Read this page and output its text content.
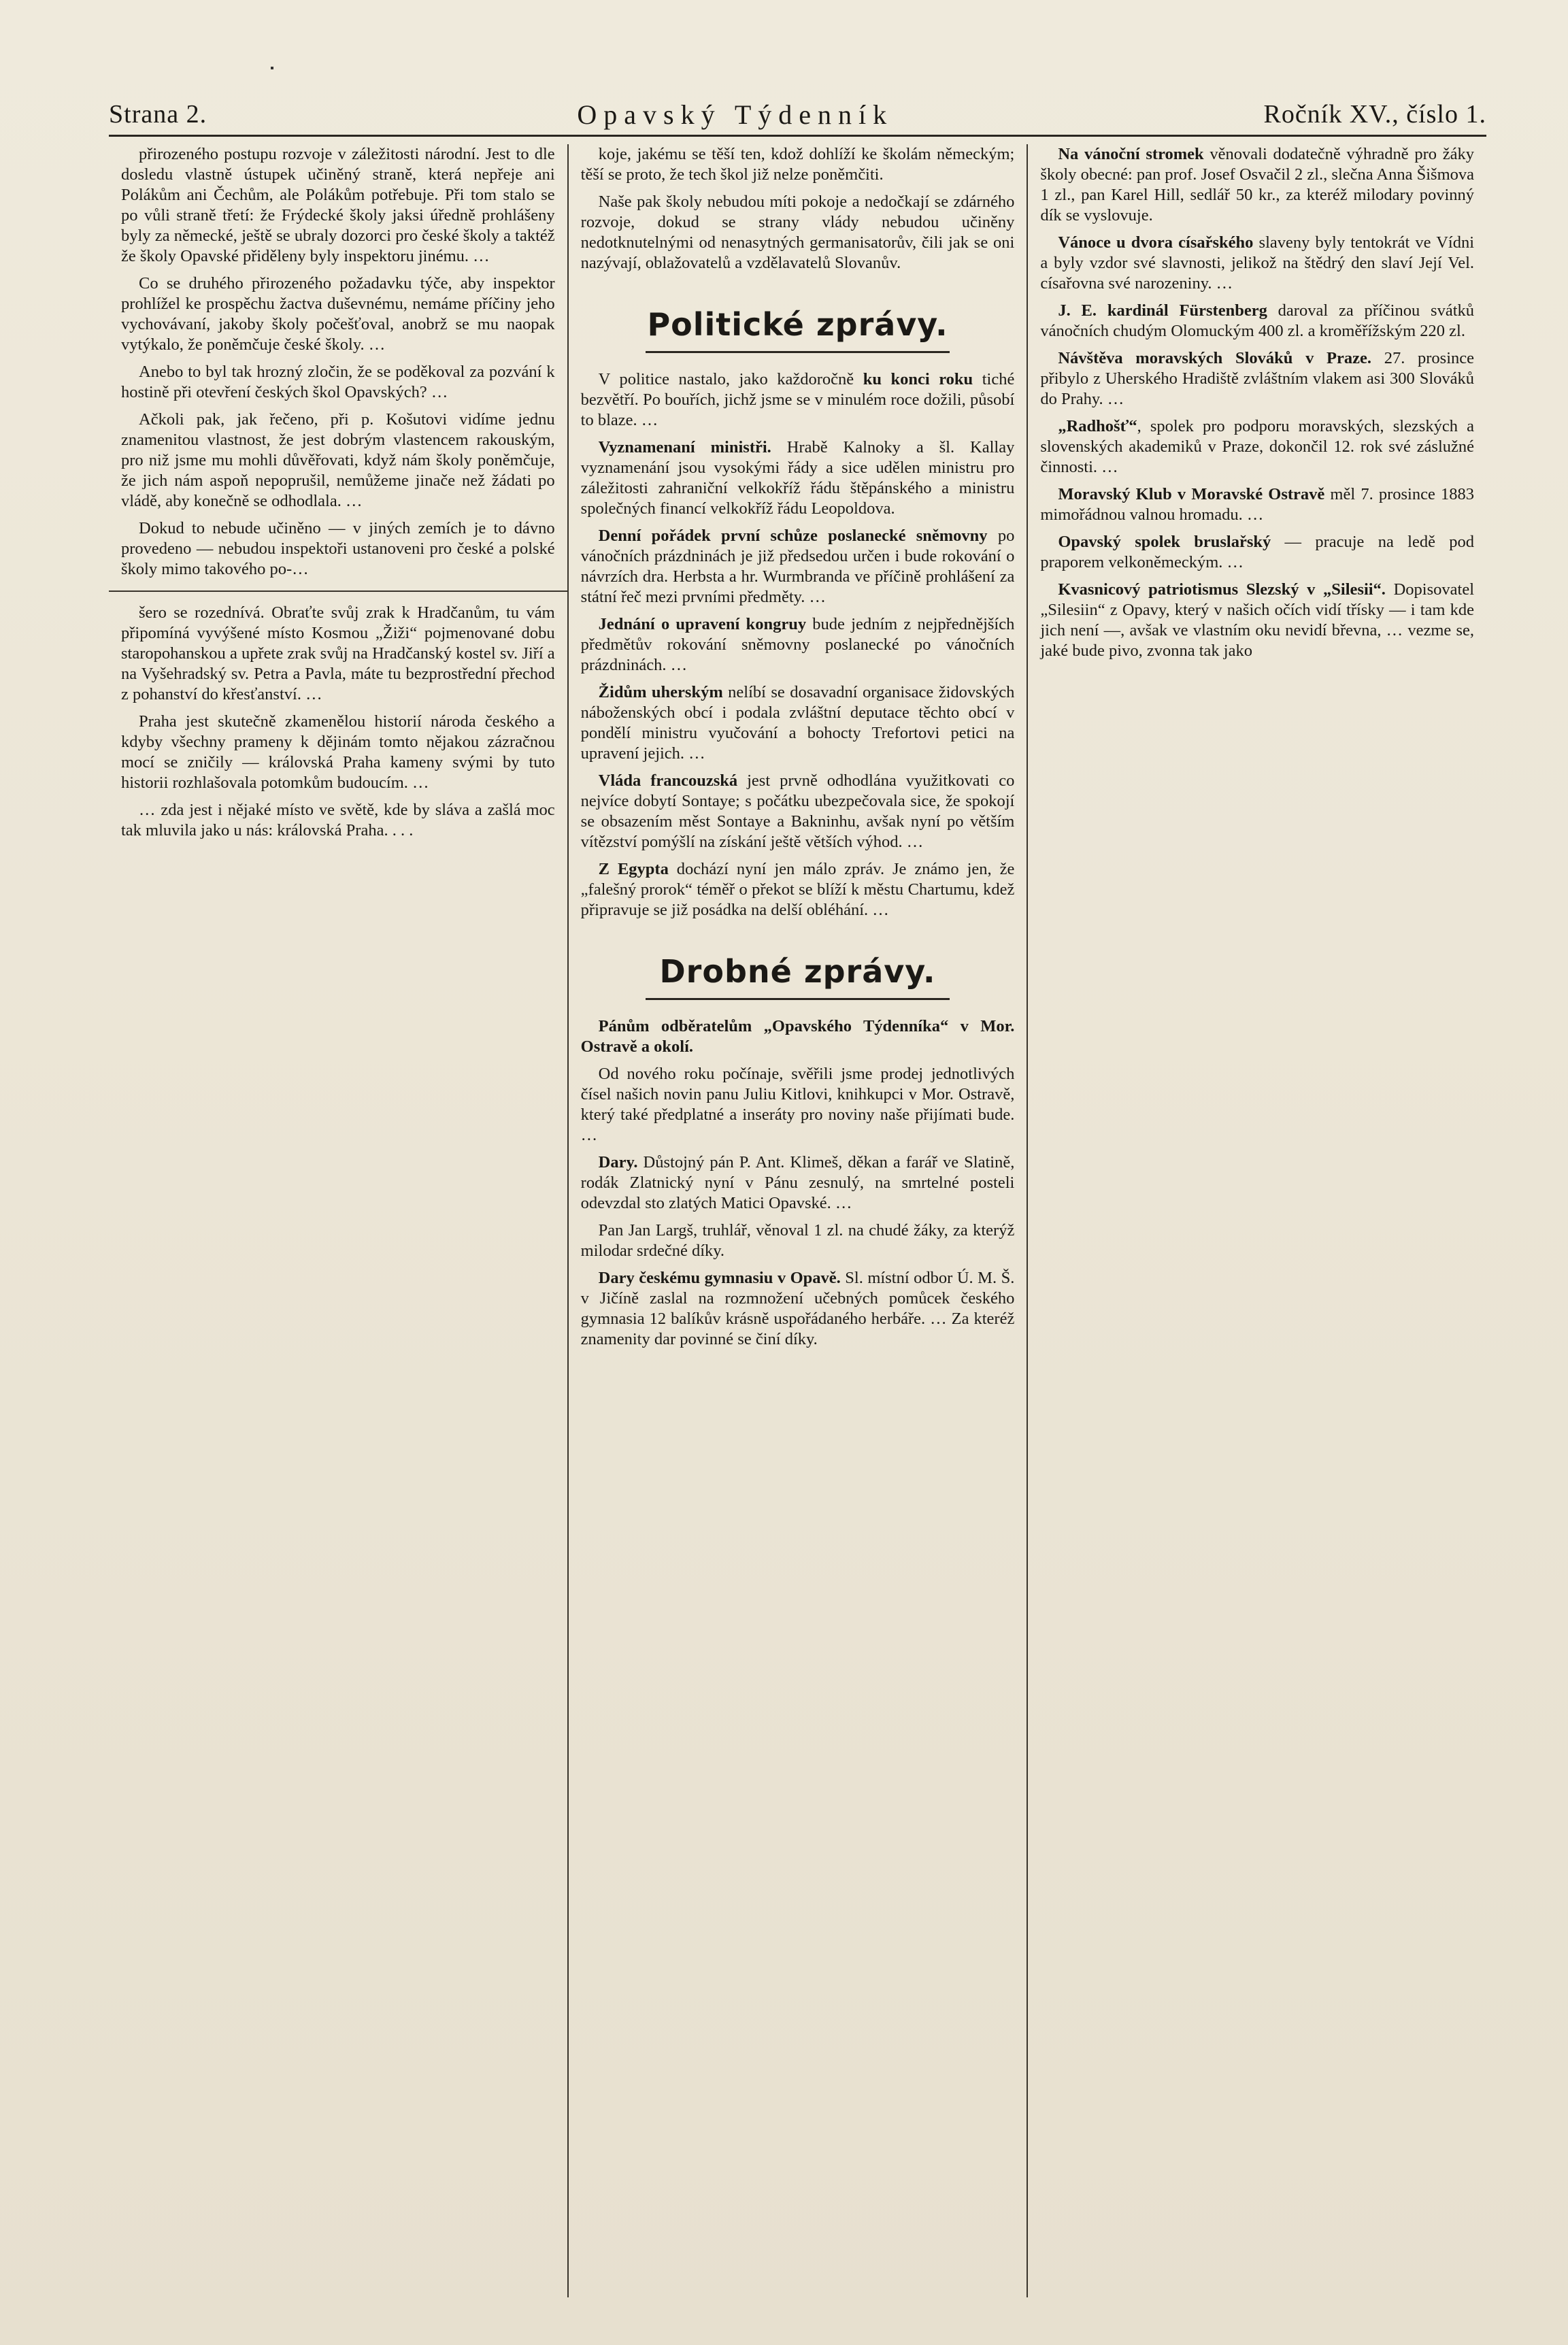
Strana 2.	Opavský Týdenník	Ročník XV., číslo 1.

přirozeného postupu rozvoje v záležitosti národní. Jest to dle dosledu vlastně ústupek učiněný straně, která nepřeje ani Polákům ani Čechům, ale Polákům potřebuje. Při tom stalo se po vůli straně třetí: že Frýdecké školy jaksi úředně prohlášeny byly za německé, ještě se ubraly dozorci pro české školy a taktéž že školy Opavské přiděleny byly inspektoru jinému. …

Co se druhého přirozeného požadavku týče, aby inspektor prohlížel ke prospěchu žactva duševnému, nemáme příčiny jeho vychovávaní, jakoby školy počešťoval, anobrž se mu naopak vytýkalo, že poněmčuje české školy. …

Anebo to byl tak hrozný zločin, že se poděkoval za pozvání k hostině při otevření českých škol Opavských? …

Ačkoli pak, jak řečeno, při p. Košutovi vidíme jednu znamenitou vlastnost, že jest dobrým vlastencem rakouským, pro niž jsme mu mohli důvěřovati, když nám školy poněmčuje, že jich nám aspoň nepoprušil, nemůžeme jinače než žádati po vládě, aby konečně se odhodlala. …

Dokud to nebude učiněno — v jiných zemích je to dávno provedeno — nebudou inspektoři ustanoveni pro české a polské školy mimo takového po-…

šero se rozednívá. Obraťte svůj zrak k Hradčanům, tu vám připomíná vyvýšené místo Kosmou „Žiži“ pojmenované dobu staropohanskou a upřete zrak svůj na Hradčanský kostel sv. Jiří a na Vyšehradský sv. Petra a Pavla, máte tu bezprostřední přechod z pohanství do křesťanství. …

Praha jest skutečně zkamenělou historií národa českého a kdyby všechny prameny k dějinám tomto nějakou zázračnou mocí se zničily — královská Praha kameny svými by tuto historii rozhlašovala potomkům budoucím. …

… zda jest i nějaké místo ve světě, kde by sláva a zašlá moc tak mluvila jako u nás: královská Praha. . . .

koje, jakému se těší ten, kdož dohlíží ke školám německým; těší se proto, že tech škol již nelze poněmčiti.

Naše pak školy nebudou míti pokoje a nedočkají se zdárného rozvoje, dokud se strany vlády nebudou učiněny nedotknutelnými od nenasytných germanisatorův, čili jak se oni nazývají, oblažovatelů a vzdělavatelů Slovanův.

Politické zprávy.

V politice nastalo, jako každoročně ku konci roku tiché bezvětří. Po bouřích, jichž jsme se v minulém roce dožili, působí to blaze. …

Vyznamenaní ministři. Hrabě Kalnoky a šl. Kallay vyznamenání jsou vysokými řády a sice udělen ministru pro záležitosti zahraniční velkokříž řádu štěpánského a ministru společných financí velkokříž řádu Leopoldova.

Denní pořádek první schůze poslanecké sněmovny po vánočních prázdninách je již předsedou určen i bude rokování o návrzích dra. Herbsta a hr. Wurmbranda ve příčině prohlášení za státní řeč mezi prvními předměty. …

Jednání o upravení kongruy bude jedním z nejpřednějších předmětův rokování sněmovny poslanecké po vánočních prázdninách. …

Židům uherským nelíbí se dosavadní organisace židovských náboženských obcí i podala zvláštní deputace těchto obcí v pondělí ministru vyučování a bohocty Trefortovi petici na upravení jejich. …

Vláda francouzská jest prvně odhodlána využitkovati co nejvíce dobytí Sontaye; s počátku ubezpečovala sice, že spokojí se obsazením měst Sontaye a Bakninhu, avšak nyní po větším vítězství pomýšlí na získání ještě větších výhod. …

Z Egypta dochází nyní jen málo zpráv. Je známo jen, že „falešný prorok“ téměř o překot se blíží k městu Chartumu, kdež připravuje se již posádka na delší obléhání. …

Drobné zprávy.

Pánům odběratelům „Opavského Týdenníka“ v Mor. Ostravě a okolí.

Od nového roku počínaje, svěřili jsme prodej jednotlivých čísel našich novin panu Juliu Kitlovi, knihkupci v Mor. Ostravě, který také předplatné a inseráty pro noviny naše přijímati bude. …

Dary. Důstojný pán P. Ant. Klimeš, děkan a farář ve Slatině, rodák Zlatnický nyní v Pánu zesnulý, na smrtelné posteli odevzdal sto zlatých Matici Opavské. …

Pan Jan Largš, truhlář, věnoval 1 zl. na chudé žáky, za kterýž milodar srdečné díky.

Dary českému gymnasiu v Opavě. Sl. místní odbor Ú. M. Š. v Jičíně zaslal na rozmnožení učebných pomůcek českého gymnasia 12 balíkův krásně uspořádaného herbáře. … Za kteréž znamenity dar povinné se činí díky.

Na vánoční stromek věnovali dodatečně výhradně pro žáky školy obecné: pan prof. Josef Osvačil 2 zl., slečna Anna Šišmova 1 zl., pan Karel Hill, sedlář 50 kr., za kteréž milodary povinný dík se vyslovuje.

Vánoce u dvora císařského slaveny byly tentokrát ve Vídni a byly vzdor své slavnosti, jelikož na štědrý den slaví Její Vel. císařovna své narozeniny. …

J. E. kardinál Fürstenberg daroval za příčinou svátků vánočních chudým Olomuckým 400 zl. a kroměřížským 220 zl.

Návštěva moravských Slováků v Praze. 27. prosince přibylo z Uherského Hradiště zvláštním vlakem asi 300 Slováků do Prahy. …

„Radhošť“, spolek pro podporu moravských, slezských a slovenských akademiků v Praze, dokončil 12. rok své záslužné činnosti. …

Moravský Klub v Moravské Ostravě měl 7. prosince 1883 mimořádnou valnou hromadu. …

Opavský spolek bruslařský — pracuje na ledě pod praporem velkoněmeckým. …

Kvasnicový patriotismus Slezský v „Silesii“. Dopisovatel „Silesiin“ z Opavy, který v našich očích vidí třísky — i tam kde jich není —, avšak ve vlastním oku nevidí břevna, … vezme se, jaké bude pivo, zvonna tak jako
